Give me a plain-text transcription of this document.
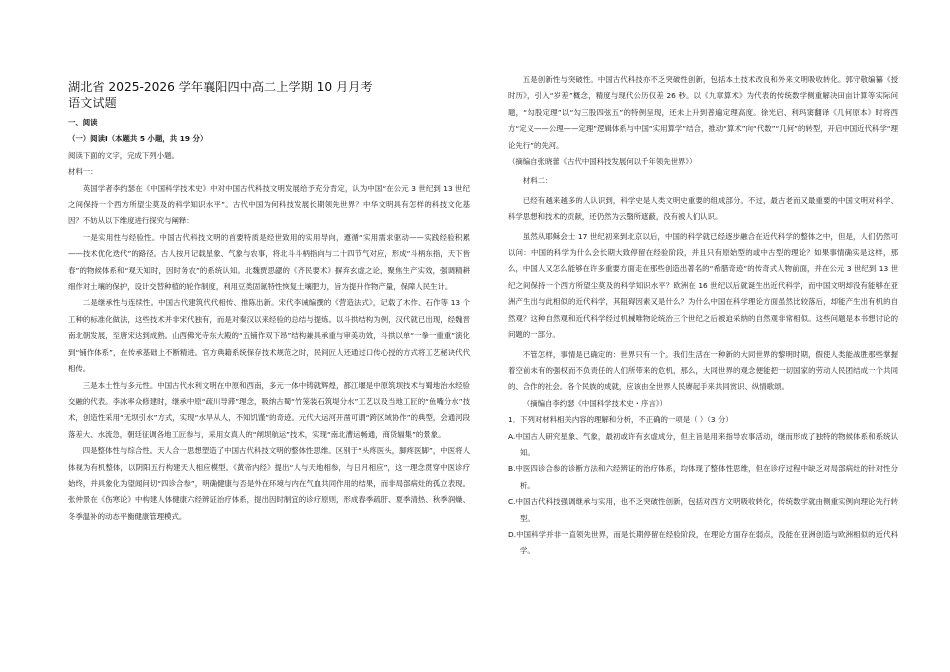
湖北省 2025-2026 学年襄阳四中高二上学期 10 月月考

语文试题

一、阅读

（一）阅读Ⅰ（本题共 5 小题，共 19 分）

阅读下面的文字，完成下列小题。

材料一：

英国学者李约瑟在《中国科学技术史》中对中国古代科技文明发展给予充分肯定，认为中国“在公元 3 世纪到 13 世纪之间保持一个西方所望尘莫及的科学知识水平”。古代中国为何科技发展长期领先世界？中华文明具有怎样的科技文化基因？不妨从以下维度进行探究与阐释：

一是实用性与经验性。中国古代科技文明的首要特质是经世致用的实用导向，遵循“实用需求驱动——实践经验积累——技术优化迭代”的路径。古人按月记载星象、气象与农事，将北斗斗柄指向与二十四节气对应，形成“斗柄东指，天下皆春”的物候体系和“观天知时，因时务农”的系统认知。北魏贾思勰的《齐民要术》摒弃玄虚之论，聚焦生产实效，强调精耕细作对土壤的保护，设计交替种植的轮作制度，利用豆类固氮特性恢复土壤肥力，旨为提升作物产量，保障人民生计。

二是继承性与连续性。中国古代建筑代代相传、推陈出新。宋代李诫编撰的《营造法式》，记载了木作、石作等 13 个工种的标准化做法，这些技术并非宋代独有，而是对秦汉以来经验的总结与提炼。以斗拱结构为例，汉代就已出现，经魏晋南北朝发展，至唐宋达到成熟。山西佛光寺东大殿的“五铺作双下昂”结构兼具承重与审美功效，斗拱以单“一拳一重重”演化到“铺作体系”，在传承基础上不断精进。官方典籍系统保存技术规范之时，民间匠人还通过口传心授的方式将工艺秘诀代代相传。

三是本土性与多元性。中国古代水利文明在中原和西南，多元一体中铸就辉煌，都江堰是中原筑坝技术与蜀地治水经验交融的代表。李冰率众修建时，继承中原“疏川导滞”理念，吸纳古蜀“竹笼装石筑堤分水”工艺以及当地工匠的“鱼嘴分水”技术，创造性采用“无坝引水”方式，实现“水旱从人，不知饥馑”的奇迹。元代大运河开凿可谓“跨区域协作”的典型，会通河段落差大、水流急，朝廷征调各地工匠参与，采用女真人的“闸坝航运”技术，实现“南北漕运畅通，商货辐集”的景象。

四是整体性与综合性。天人合一思想塑造了中国古代科技文明的整体性思维。区别于“头疼医头，脚疼医脚”，中医将人体视为有机整体，以阴阳五行构建天人相应模型。《黄帝内经》提出“人与天地相参，与日月相应”，这一理念贯穿中医诊疗始终，并具象化为望闻问切“四诊合参”，明确健康与否是外在环境与内在气血共同作用的结果，而非局部病灶的孤立表现。张仲景在《伤寒论》中构建人体健康六经辨证治疗体系，提出因时制宜的诊疗原则，形成春季疏肝、夏季清热、秋季润燥、冬季温补的动态平衡健康管理模式。

五是创新性与突破性。中国古代科技亦不乏突破性创新，包括本土技术改良和外来文明吸收转化。郭守敬编纂《授时历》，引入“岁差”概念，精度与现代公历仅差 26 秒。以《九章算术》为代表的传统数学侧重解决田亩计算等实际问题，“勾股定理”以“勾三股四弦五”的特例呈现，还未上升到普遍定理高度。徐光启、利玛窦翻译《几何原本》时将西方“定义——公理——定理”逻辑体系与中国“实用算学”结合，推动“算术”向“代数”“几何”的转型，开启中国近代科学“理论先行”的先河。

（摘编自张晓蕾《古代中国科技发展何以千年领先世界》）

材料二：

已经有越来越多的人认识到，科学史是人类文明史重要的组成部分。不过，最古老而又最重要的中国文明对科学、科学思想和技术的贡献，还仍然为云翳所遮蔽，没有被人们认识。

虽然从耶稣会士 17 世纪初来到北京以后，中国的科学就已经逐步融合在近代科学的整体之中，但是，人们仍然可以问：中国的科学为什么会长期大致停留在经验阶段，并且只有原始型的或中古型的理论？如果事情确实是这样，那么，中国人又怎么能够在许多重要方面走在那些创造出著名的“希腊奇迹”的传奇式人物前面，并在公元 3 世纪到 13 世纪之间保持一个西方所望尘莫及的科学知识水平？欧洲在 16 世纪以后就诞生出近代科学，而中国文明却没有能够在亚洲产生出与此相似的近代科学，其阻碍因素又是什么？为什么中国在科学理论方面虽然比较落后，却能产生出有机的自然观？这种自然观和近代科学经过机械唯物论统治三个世纪之后被迫采纳的自然观非常相似。这些问题是本书想讨论的问题的一部分。

不管怎样，事情是已确定的：世界只有一个。我们生活在一种新的大同世界的黎明时期，假使人类能战胜那些掌握着空前未有的强权而不负责任的人们所带来的危机，那么，大同世界的观念便能把一切国家的劳动人民团结成一个共同的、合作的社会。各个民族的成就，应该由全世界人民赓起手来共同赏识、纵情歌颂。

（摘编自李约瑟《中国科学技术史・序言》）

1．下列对材料相关内容的理解和分析，不正确的一项是（ ）（3 分）

A.中国古人研究星象、气象，最初或许有玄虚成分，但主旨是用来指导农事活动，继而形成了独特的物候体系和系统认知。

B.中医四诊合参的诊断方法和六经辨证的治疗体系，均体现了整体性思维，但在诊疗过程中缺乏对局部病灶的针对性分析。

C.中国古代科技强调继承与实用，也不乏突破性创新，包括对西方文明吸收转化，传统数学就由侧重实例向理论先行转型。

D.中国科学并非一直领先世界，而是长期停留在经验阶段，在理论方面存在弱点，没能在亚洲创造与欧洲相似的近代科学。
